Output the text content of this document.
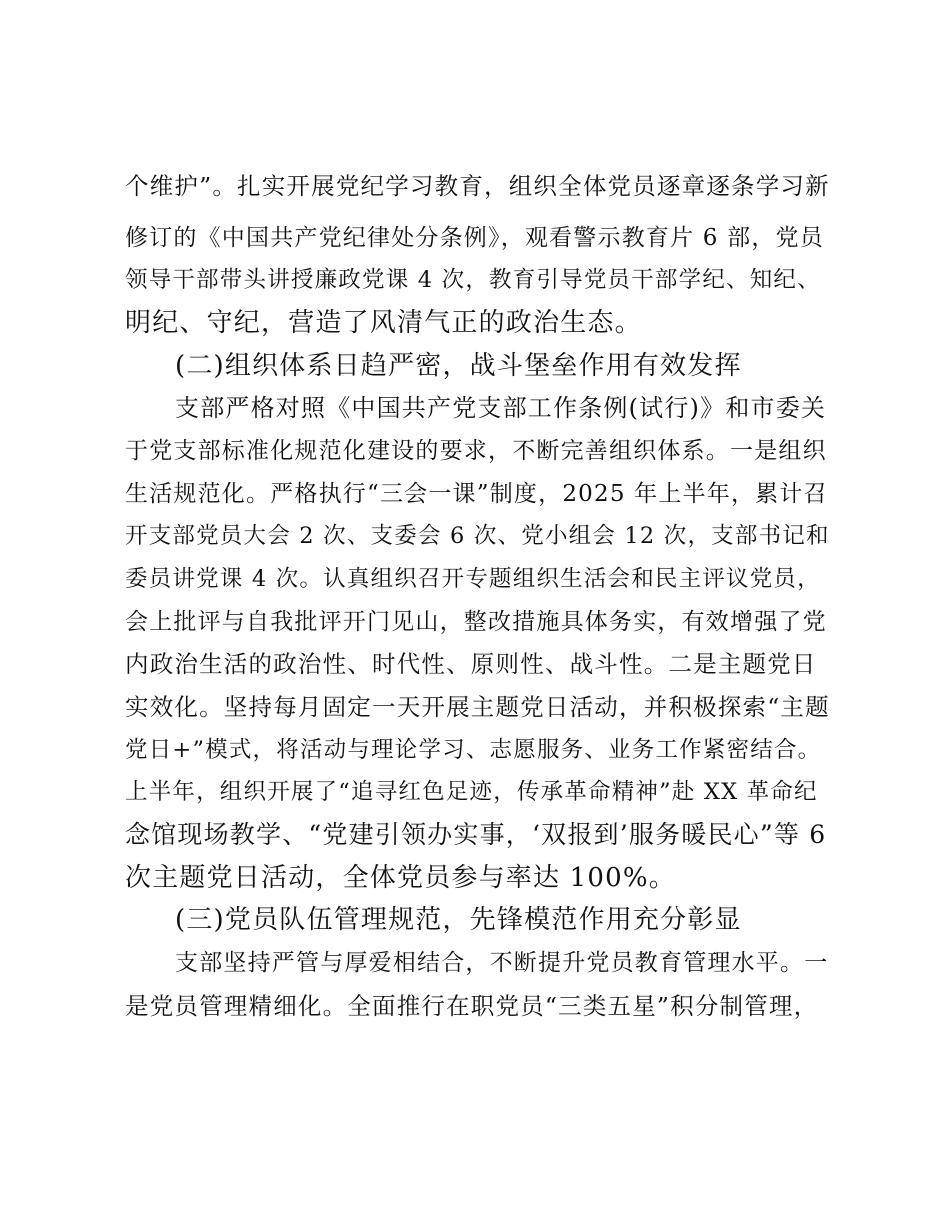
个维护”。扎实开展党纪学习教育，组织全体党员逐章逐条学习新
修订的《中国共产党纪律处分条例》，观看警示教育片 6 部，党员
领导干部带头讲授廉政党课 4 次，教育引导党员干部学纪、知纪、
明纪、守纪，营造了风清气正的政治生态。
(二)组织体系日趋严密，战斗堡垒作用有效发挥
支部严格对照《中国共产党支部工作条例(试行)》和市委关
于党支部标准化规范化建设的要求，不断完善组织体系。一是组织
生活规范化。严格执行“三会一课”制度，2025 年上半年，累计召
开支部党员大会 2 次、支委会 6 次、党小组会 12 次，支部书记和
委员讲党课 4 次。认真组织召开专题组织生活会和民主评议党员，
会上批评与自我批评开门见山，整改措施具体务实，有效增强了党
内政治生活的政治性、时代性、原则性、战斗性。二是主题党日
实效化。坚持每月固定一天开展主题党日活动，并积极探索“主题
党日+”模式，将活动与理论学习、志愿服务、业务工作紧密结合。
上半年，组织开展了“追寻红色足迹，传承革命精神”赴 XX 革命纪
念馆现场教学、“党建引领办实事，‘双报到’服务暖民心”等 6
次主题党日活动，全体党员参与率达 100%。
(三)党员队伍管理规范，先锋模范作用充分彰显
支部坚持严管与厚爱相结合，不断提升党员教育管理水平。一
是党员管理精细化。全面推行在职党员“三类五星”积分制管理，
